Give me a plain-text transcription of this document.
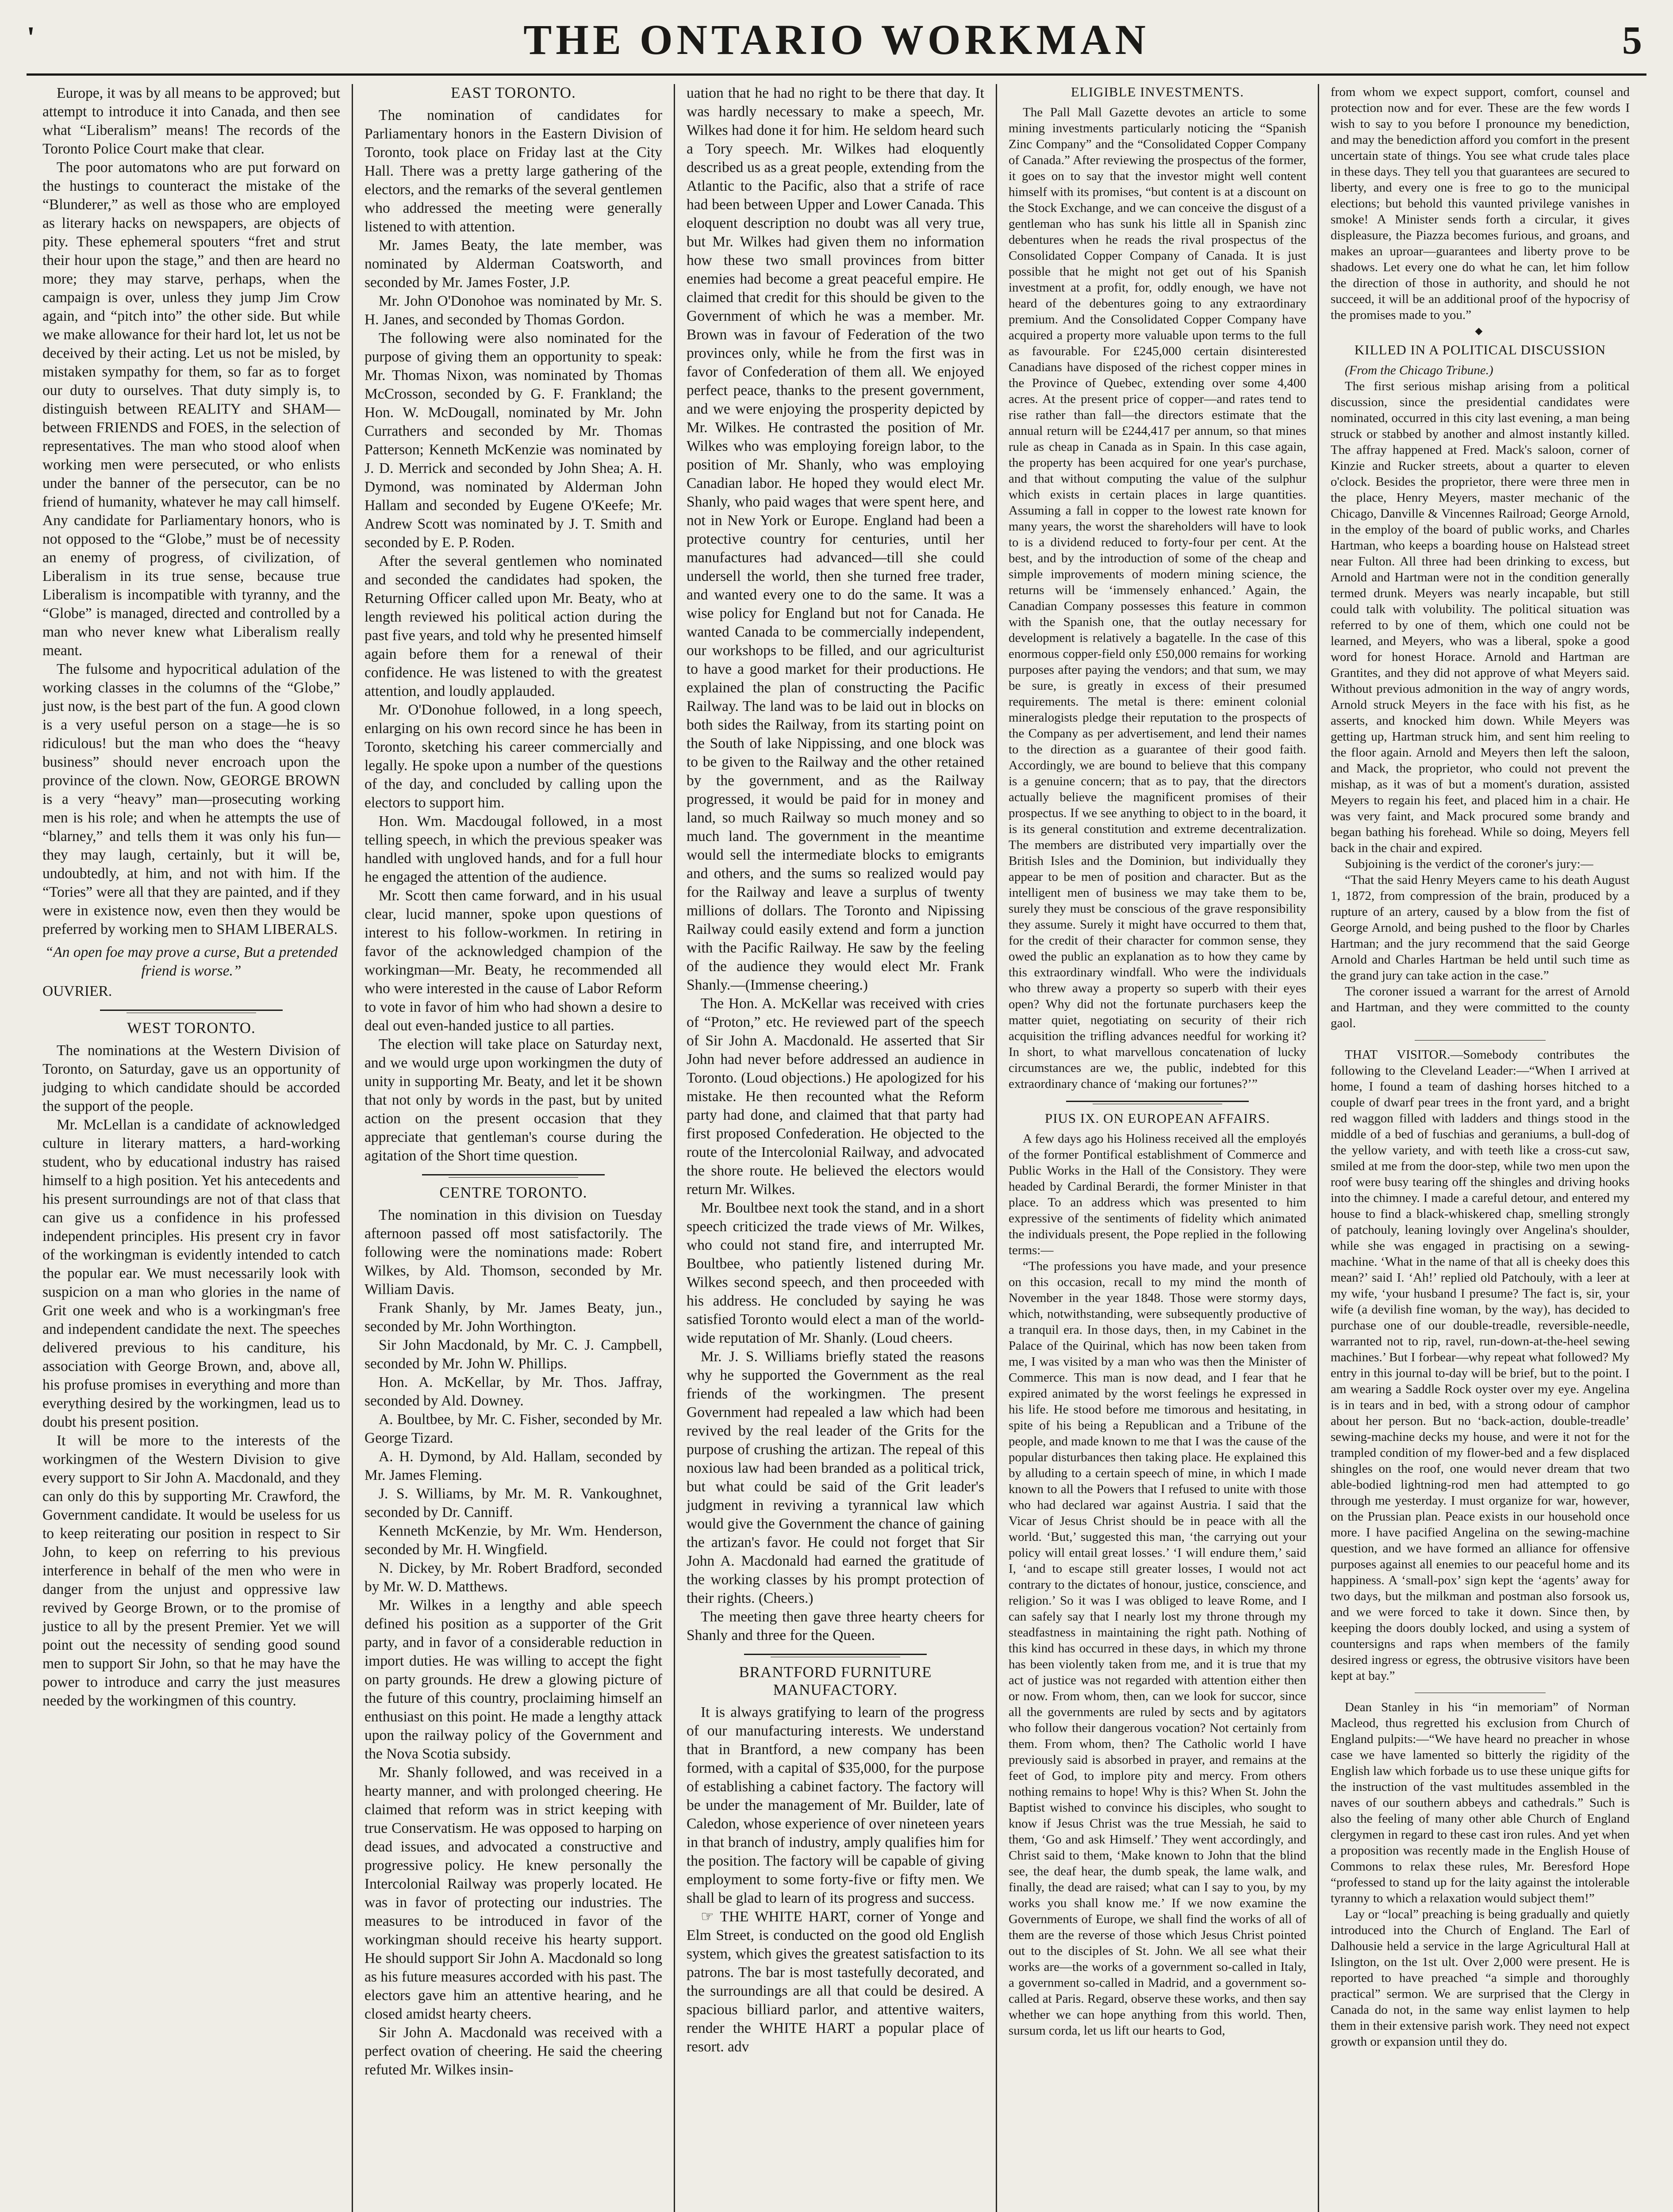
'	THE ONTARIO WORKMAN	5

Europe, it was by all means to be approved; but attempt to introduce it into Canada, and then see what “Liberalism” means! The records of the Toronto Police Court make that clear.

The poor automatons who are put forward on the hustings to counteract the mistake of the “Blunderer,” as well as those who are employed as literary hacks on newspapers, are objects of pity. These ephemeral spouters “fret and strut their hour upon the stage,” and then are heard no more; they may starve, perhaps, when the campaign is over, unless they jump Jim Crow again, and “pitch into” the other side. But while we make allowance for their hard lot, let us not be deceived by their acting. Let us not be misled, by mistaken sympathy for them, so far as to forget our duty to ourselves. That duty simply is, to distinguish between REALITY and SHAM—between FRIENDS and FOES, in the selection of representatives. The man who stood aloof when working men were persecuted, or who enlists under the banner of the persecutor, can be no friend of humanity, whatever he may call himself. Any candidate for Parliamentary honors, who is not opposed to the “Globe,” must be of necessity an enemy of progress, of civilization, of Liberalism in its true sense, because true Liberalism is incompatible with tyranny, and the “Globe” is managed, directed and controlled by a man who never knew what Liberalism really meant.

The fulsome and hypocritical adulation of the working classes in the columns of the “Globe,” just now, is the best part of the fun. A good clown is a very useful person on a stage—he is so ridiculous! but the man who does the “heavy business” should never encroach upon the province of the clown. Now, GEORGE BROWN is a very “heavy” man—prosecuting working men is his role; and when he attempts the use of “blarney,” and tells them it was only his fun—they may laugh, certainly, but it will be, undoubtedly, at him, and not with him. If the “Tories” were all that they are painted, and if they were in existence now, even then they would be preferred by working men to SHAM LIBERALS.

“An open foe may prove a curse, But a pretended friend is worse.”

OUVRIER.

WEST TORONTO.

The nominations at the Western Division of Toronto, on Saturday, gave us an opportunity of judging to which candidate should be accorded the support of the people.

Mr. McLellan is a candidate of acknowledged culture in literary matters, a hard-working student, who by educational industry has raised himself to a high position. Yet his antecedents and his present surroundings are not of that class that can give us a confidence in his professed independent principles. His present cry in favor of the workingman is evidently intended to catch the popular ear. We must necessarily look with suspicion on a man who glories in the name of Grit one week and who is a workingman's free and independent candidate the next. The speeches delivered previous to his canditure, his association with George Brown, and, above all, his profuse promises in everything and more than everything desired by the workingmen, lead us to doubt his present position.

It will be more to the interests of the workingmen of the Western Division to give every support to Sir John A. Macdonald, and they can only do this by supporting Mr. Crawford, the Government candidate. It would be useless for us to keep reiterating our position in respect to Sir John, to keep on referring to his previous interference in behalf of the men who were in danger from the unjust and oppressive law revived by George Brown, or to the promise of justice to all by the present Premier. Yet we will point out the necessity of sending good sound men to support Sir John, so that he may have the power to introduce and carry the just measures needed by the workingmen of this country.

EAST TORONTO.

The nomination of candidates for Parliamentary honors in the Eastern Division of Toronto, took place on Friday last at the City Hall. There was a pretty large gathering of the electors, and the remarks of the several gentlemen who addressed the meeting were generally listened to with attention.

Mr. James Beaty, the late member, was nominated by Alderman Coatsworth, and seconded by Mr. James Foster, J.P.

Mr. John O'Donohoe was nominated by Mr. S. H. Janes, and seconded by Thomas Gordon.

The following were also nominated for the purpose of giving them an opportunity to speak: Mr. Thomas Nixon, was nominated by Thomas McCrosson, seconded by G. F. Frankland; the Hon. W. McDougall, nominated by Mr. John Currathers and seconded by Mr. Thomas Patterson; Kenneth McKenzie was nominated by J. D. Merrick and seconded by John Shea; A. H. Dymond, was nominated by Alderman John Hallam and seconded by Eugene O'Keefe; Mr. Andrew Scott was nominated by J. T. Smith and seconded by E. P. Roden.

After the several gentlemen who nominated and seconded the candidates had spoken, the Returning Officer called upon Mr. Beaty, who at length reviewed his political action during the past five years, and told why he presented himself again before them for a renewal of their confidence. He was listened to with the greatest attention, and loudly applauded.

Mr. O'Donohue followed, in a long speech, enlarging on his own record since he has been in Toronto, sketching his career commercially and legally. He spoke upon a number of the questions of the day, and concluded by calling upon the electors to support him.

Hon. Wm. Macdougal followed, in a most telling speech, in which the previous speaker was handled with ungloved hands, and for a full hour he engaged the attention of the audience.

Mr. Scott then came forward, and in his usual clear, lucid manner, spoke upon questions of interest to his follow-workmen. In retiring in favor of the acknowledged champion of the workingman—Mr. Beaty, he recommended all who were interested in the cause of Labor Reform to vote in favor of him who had shown a desire to deal out even-handed justice to all parties.

The election will take place on Saturday next, and we would urge upon workingmen the duty of unity in supporting Mr. Beaty, and let it be shown that not only by words in the past, but by united action on the present occasion that they appreciate that gentleman's course during the agitation of the Short time question.

CENTRE TORONTO.

The nomination in this division on Tuesday afternoon passed off most satisfactorily. The following were the nominations made: Robert Wilkes, by Ald. Thomson, seconded by Mr. William Davis.

Frank Shanly, by Mr. James Beaty, jun., seconded by Mr. John Worthington.

Sir John Macdonald, by Mr. C. J. Campbell, seconded by Mr. John W. Phillips.

Hon. A. McKellar, by Mr. Thos. Jaffray, seconded by Ald. Downey.

A. Boultbee, by Mr. C. Fisher, seconded by Mr. George Tizard.

A. H. Dymond, by Ald. Hallam, seconded by Mr. James Fleming.

J. S. Williams, by Mr. M. R. Vankoughnet, seconded by Dr. Canniff.

Kenneth McKenzie, by Mr. Wm. Henderson, seconded by Mr. H. Wingfield.

N. Dickey, by Mr. Robert Bradford, seconded by Mr. W. D. Matthews.

Mr. Wilkes in a lengthy and able speech defined his position as a supporter of the Grit party, and in favor of a considerable reduction in import duties. He was willing to accept the fight on party grounds. He drew a glowing picture of the future of this country, proclaiming himself an enthusiast on this point. He made a lengthy attack upon the railway policy of the Government and the Nova Scotia subsidy.

Mr. Shanly followed, and was received in a hearty manner, and with prolonged cheering. He claimed that reform was in strict keeping with true Conservatism. He was opposed to harping on dead issues, and advocated a constructive and progressive policy. He knew personally the Intercolonial Railway was properly located. He was in favor of protecting our industries. The measures to be introduced in favor of the workingman should receive his hearty support. He should support Sir John A. Macdonald so long as his future measures accorded with his past. The electors gave him an attentive hearing, and he closed amidst hearty cheers.

Sir John A. Macdonald was received with a perfect ovation of cheering. He said the cheering refuted Mr. Wilkes insin-

uation that he had no right to be there that day. It was hardly necessary to make a speech, Mr. Wilkes had done it for him. He seldom heard such a Tory speech. Mr. Wilkes had eloquently described us as a great people, extending from the Atlantic to the Pacific, also that a strife of race had been between Upper and Lower Canada. This eloquent description no doubt was all very true, but Mr. Wilkes had given them no information how these two small provinces from bitter enemies had become a great peaceful empire. He claimed that credit for this should be given to the Government of which he was a member. Mr. Brown was in favour of Federation of the two provinces only, while he from the first was in favor of Confederation of them all. We enjoyed perfect peace, thanks to the present government, and we were enjoying the prosperity depicted by Mr. Wilkes. He contrasted the position of Mr. Wilkes who was employing foreign labor, to the position of Mr. Shanly, who was employing Canadian labor. He hoped they would elect Mr. Shanly, who paid wages that were spent here, and not in New York or Europe. England had been a protective country for centuries, until her manufactures had advanced—till she could undersell the world, then she turned free trader, and wanted every one to do the same. It was a wise policy for England but not for Canada. He wanted Canada to be commercially independent, our workshops to be filled, and our agriculturist to have a good market for their productions. He explained the plan of constructing the Pacific Railway. The land was to be laid out in blocks on both sides the Railway, from its starting point on the South of lake Nippissing, and one block was to be given to the Railway and the other retained by the government, and as the Railway progressed, it would be paid for in money and land, so much Railway so much money and so much land. The government in the meantime would sell the intermediate blocks to emigrants and others, and the sums so realized would pay for the Railway and leave a surplus of twenty millions of dollars. The Toronto and Nipissing Railway could easily extend and form a junction with the Pacific Railway. He saw by the feeling of the audience they would elect Mr. Frank Shanly.—(Immense cheering.)

The Hon. A. McKellar was received with cries of “Proton,” etc. He reviewed part of the speech of Sir John A. Macdonald. He asserted that Sir John had never before addressed an audience in Toronto. (Loud objections.) He apologized for his mistake. He then recounted what the Reform party had done, and claimed that that party had first proposed Confederation. He objected to the route of the Intercolonial Railway, and advocated the shore route. He believed the electors would return Mr. Wilkes.

Mr. Boultbee next took the stand, and in a short speech criticized the trade views of Mr. Wilkes, who could not stand fire, and interrupted Mr. Boultbee, who patiently listened during Mr. Wilkes second speech, and then proceeded with his address. He concluded by saying he was satisfied Toronto would elect a man of the world-wide reputation of Mr. Shanly. (Loud cheers.

Mr. J. S. Williams briefly stated the reasons why he supported the Government as the real friends of the workingmen. The present Government had repealed a law which had been revived by the real leader of the Grits for the purpose of crushing the artizan. The repeal of this noxious law had been branded as a political trick, but what could be said of the Grit leader's judgment in reviving a tyrannical law which would give the Government the chance of gaining the artizan's favor. He could not forget that Sir John A. Macdonald had earned the gratitude of the working classes by his prompt protection of their rights. (Cheers.)

The meeting then gave three hearty cheers for Shanly and three for the Queen.

BRANTFORD FURNITURE MANUFACTORY.

It is always gratifying to learn of the progress of our manufacturing interests. We understand that in Brantford, a new company has been formed, with a capital of $35,000, for the purpose of establishing a cabinet factory. The factory will be under the management of Mr. Builder, late of Caledon, whose experience of over nineteen years in that branch of industry, amply qualifies him for the position. The factory will be capable of giving employment to some forty-five or fifty men. We shall be glad to learn of its progress and success.

☞ THE WHITE HART, corner of Yonge and Elm Street, is conducted on the good old English system, which gives the greatest satisfaction to its patrons. The bar is most tastefully decorated, and the surroundings are all that could be desired. A spacious billiard parlor, and attentive waiters, render the WHITE HART a popular place of resort. adv

ELIGIBLE INVESTMENTS.

The Pall Mall Gazette devotes an article to some mining investments particularly noticing the “Spanish Zinc Company” and the “Consolidated Copper Company of Canada.” After reviewing the prospectus of the former, it goes on to say that the investor might well content himself with its promises, “but content is at a discount on the Stock Exchange, and we can conceive the disgust of a gentleman who has sunk his little all in Spanish zinc debentures when he reads the rival prospectus of the Consolidated Copper Company of Canada. It is just possible that he might not get out of his Spanish investment at a profit, for, oddly enough, we have not heard of the debentures going to any extraordinary premium. And the Consolidated Copper Company have acquired a property more valuable upon terms to the full as favourable. For £245,000 certain disinterested Canadians have disposed of the richest copper mines in the Province of Quebec, extending over some 4,400 acres. At the present price of copper—and rates tend to rise rather than fall—the directors estimate that the annual return will be £244,417 per annum, so that mines rule as cheap in Canada as in Spain. In this case again, the property has been acquired for one year's purchase, and that without computing the value of the sulphur which exists in certain places in large quantities. Assuming a fall in copper to the lowest rate known for many years, the worst the shareholders will have to look to is a dividend reduced to forty-four per cent. At the best, and by the introduction of some of the cheap and simple improvements of modern mining science, the returns will be ‘immensely enhanced.’ Again, the Canadian Company possesses this feature in common with the Spanish one, that the outlay necessary for development is relatively a bagatelle. In the case of this enormous copper-field only £50,000 remains for working purposes after paying the vendors; and that sum, we may be sure, is greatly in excess of their presumed requirements. The metal is there: eminent colonial mineralogists pledge their reputation to the prospects of the Company as per advertisement, and lend their names to the direction as a guarantee of their good faith. Accordingly, we are bound to believe that this company is a genuine concern; that as to pay, that the directors actually believe the magnificent promises of their prospectus. If we see anything to object to in the board, it is its general constitution and extreme decentralization. The members are distributed very impartially over the British Isles and the Dominion, but individually they appear to be men of position and character. But as the intelligent men of business we may take them to be, surely they must be conscious of the grave responsibility they assume. Surely it might have occurred to them that, for the credit of their character for common sense, they owed the public an explanation as to how they came by this extraordinary windfall. Who were the individuals who threw away a property so superb with their eyes open? Why did not the fortunate purchasers keep the matter quiet, negotiating on security of their rich acquisition the trifling advances needful for working it? In short, to what marvellous concatenation of lucky circumstances are we, the public, indebted for this extraordinary chance of ‘making our fortunes?’”

PIUS IX. ON EUROPEAN AFFAIRS.

A few days ago his Holiness received all the employés of the former Pontifical establishment of Commerce and Public Works in the Hall of the Consistory. They were headed by Cardinal Berardi, the former Minister in that place. To an address which was presented to him expressive of the sentiments of fidelity which animated the individuals present, the Pope replied in the following terms:—

“The professions you have made, and your presence on this occasion, recall to my mind the month of November in the year 1848. Those were stormy days, which, notwithstanding, were subsequently productive of a tranquil era. In those days, then, in my Cabinet in the Palace of the Quirinal, which has now been taken from me, I was visited by a man who was then the Minister of Commerce. This man is now dead, and I fear that he expired animated by the worst feelings he expressed in his life. He stood before me timorous and hesitating, in spite of his being a Republican and a Tribune of the people, and made known to me that I was the cause of the popular disturbances then taking place. He explained this by alluding to a certain speech of mine, in which I made known to all the Powers that I refused to unite with those who had declared war against Austria. I said that the Vicar of Jesus Christ should be in peace with all the world. ‘But,’ suggested this man, ‘the carrying out your policy will entail great losses.’ ‘I will endure them,’ said I, ‘and to escape still greater losses, I would not act contrary to the dictates of honour, justice, conscience, and religion.’ So it was I was obliged to leave Rome, and I can safely say that I nearly lost my throne through my steadfastness in maintaining the right path. Nothing of this kind has occurred in these days, in which my throne has been violently taken from me, and it is true that my act of justice was not regarded with attention either then or now. From whom, then, can we look for succor, since all the governments are ruled by sects and by agitators who follow their dangerous vocation? Not certainly from them. From whom, then? The Catholic world I have previously said is absorbed in prayer, and remains at the feet of God, to implore pity and mercy. From others nothing remains to hope! Why is this? When St. John the Baptist wished to convince his disciples, who sought to know if Jesus Christ was the true Messiah, he said to them, ‘Go and ask Himself.’ They went accordingly, and Christ said to them, ‘Make known to John that the blind see, the deaf hear, the dumb speak, the lame walk, and finally, the dead are raised; what can I say to you, by my works you shall know me.’ If we now examine the Governments of Europe, we shall find the works of all of them are the reverse of those which Jesus Christ pointed out to the disciples of St. John. We all see what their works are—the works of a government so-called in Italy, a government so-called in Madrid, and a government so-called at Paris. Regard, observe these works, and then say whether we can hope anything from this world. Then, sursum corda, let us lift our hearts to God,

from whom we expect support, comfort, counsel and protection now and for ever. These are the few words I wish to say to you before I pronounce my benediction, and may the benediction afford you comfort in the present uncertain state of things. You see what crude tales place in these days. They tell you that guarantees are secured to liberty, and every one is free to go to the municipal elections; but behold this vaunted privilege vanishes in smoke! A Minister sends forth a circular, it gives displeasure, the Piazza becomes furious, and groans, and makes an uproar—guarantees and liberty prove to be shadows. Let every one do what he can, let him follow the direction of those in authority, and should he not succeed, it will be an additional proof of the hypocrisy of the promises made to you.”

◆
KILLED IN A POLITICAL DISCUSSION

(From the Chicago Tribune.)

The first serious mishap arising from a political discussion, since the presidential candidates were nominated, occurred in this city last evening, a man being struck or stabbed by another and almost instantly killed. The affray happened at Fred. Mack's saloon, corner of Kinzie and Rucker streets, about a quarter to eleven o'clock. Besides the proprietor, there were three men in the place, Henry Meyers, master mechanic of the Chicago, Danville & Vincennes Railroad; George Arnold, in the employ of the board of public works, and Charles Hartman, who keeps a boarding house on Halstead street near Fulton. All three had been drinking to excess, but Arnold and Hartman were not in the condition generally termed drunk. Meyers was nearly incapable, but still could talk with volubility. The political situation was referred to by one of them, which one could not be learned, and Meyers, who was a liberal, spoke a good word for honest Horace. Arnold and Hartman are Grantites, and they did not approve of what Meyers said. Without previous admonition in the way of angry words, Arnold struck Meyers in the face with his fist, as he asserts, and knocked him down. While Meyers was getting up, Hartman struck him, and sent him reeling to the floor again. Arnold and Meyers then left the saloon, and Mack, the proprietor, who could not prevent the mishap, as it was of but a moment's duration, assisted Meyers to regain his feet, and placed him in a chair. He was very faint, and Mack procured some brandy and began bathing his forehead. While so doing, Meyers fell back in the chair and expired.

Subjoining is the verdict of the coroner's jury:—

“That the said Henry Meyers came to his death August 1, 1872, from compression of the brain, produced by a rupture of an artery, caused by a blow from the fist of George Arnold, and being pushed to the floor by Charles Hartman; and the jury recommend that the said George Arnold and Charles Hartman be held until such time as the grand jury can take action in the case.”

The coroner issued a warrant for the arrest of Arnold and Hartman, and they were committed to the county gaol.

THAT VISITOR.—Somebody contributes the following to the Cleveland Leader:—“When I arrived at home, I found a team of dashing horses hitched to a couple of dwarf pear trees in the front yard, and a bright red waggon filled with ladders and things stood in the middle of a bed of fuschias and geraniums, a bull-dog of the yellow variety, and with teeth like a cross-cut saw, smiled at me from the door-step, while two men upon the roof were busy tearing off the shingles and driving hooks into the chimney. I made a careful detour, and entered my house to find a black-whiskered chap, smelling strongly of patchouly, leaning lovingly over Angelina's shoulder, while she was engaged in practising on a sewing-machine. ‘What in the name of that all is cheeky does this mean?’ said I. ‘Ah!’ replied old Patchouly, with a leer at my wife, ‘your husband I presume? The fact is, sir, your wife (a devilish fine woman, by the way), has decided to purchase one of our double-treadle, reversible-needle, warranted not to rip, ravel, run-down-at-the-heel sewing machines.’ But I forbear—why repeat what followed? My entry in this journal to-day will be brief, but to the point. I am wearing a Saddle Rock oyster over my eye. Angelina is in tears and in bed, with a strong odour of camphor about her person. But no ‘back-action, double-treadle’ sewing-machine decks my house, and were it not for the trampled condition of my flower-bed and a few displaced shingles on the roof, one would never dream that two able-bodied lightning-rod men had attempted to go through me yesterday. I must organize for war, however, on the Prussian plan. Peace exists in our household once more. I have pacified Angelina on the sewing-machine question, and we have formed an alliance for offensive purposes against all enemies to our peaceful home and its happiness. A ‘small-pox’ sign kept the ‘agents’ away for two days, but the milkman and postman also forsook us, and we were forced to take it down. Since then, by keeping the doors doubly locked, and using a system of countersigns and raps when members of the family desired ingress or egress, the obtrusive visitors have been kept at bay.”

Dean Stanley in his “in memoriam” of Norman Macleod, thus regretted his exclusion from Church of England pulpits:—“We have heard no preacher in whose case we have lamented so bitterly the rigidity of the English law which forbade us to use these unique gifts for the instruction of the vast multitudes assembled in the naves of our southern abbeys and cathedrals.” Such is also the feeling of many other able Church of England clergymen in regard to these cast iron rules. And yet when a proposition was recently made in the English House of Commons to relax these rules, Mr. Beresford Hope “professed to stand up for the laity against the intolerable tyranny to which a relaxation would subject them!”

Lay or “local” preaching is being gradually and quietly introduced into the Church of England. The Earl of Dalhousie held a service in the large Agricultural Hall at Islington, on the 1st ult. Over 2,000 were present. He is reported to have preached “a simple and thoroughly practical” sermon. We are surprised that the Clergy in Canada do not, in the same way enlist laymen to help them in their extensive parish work. They need not expect growth or expansion until they do.
